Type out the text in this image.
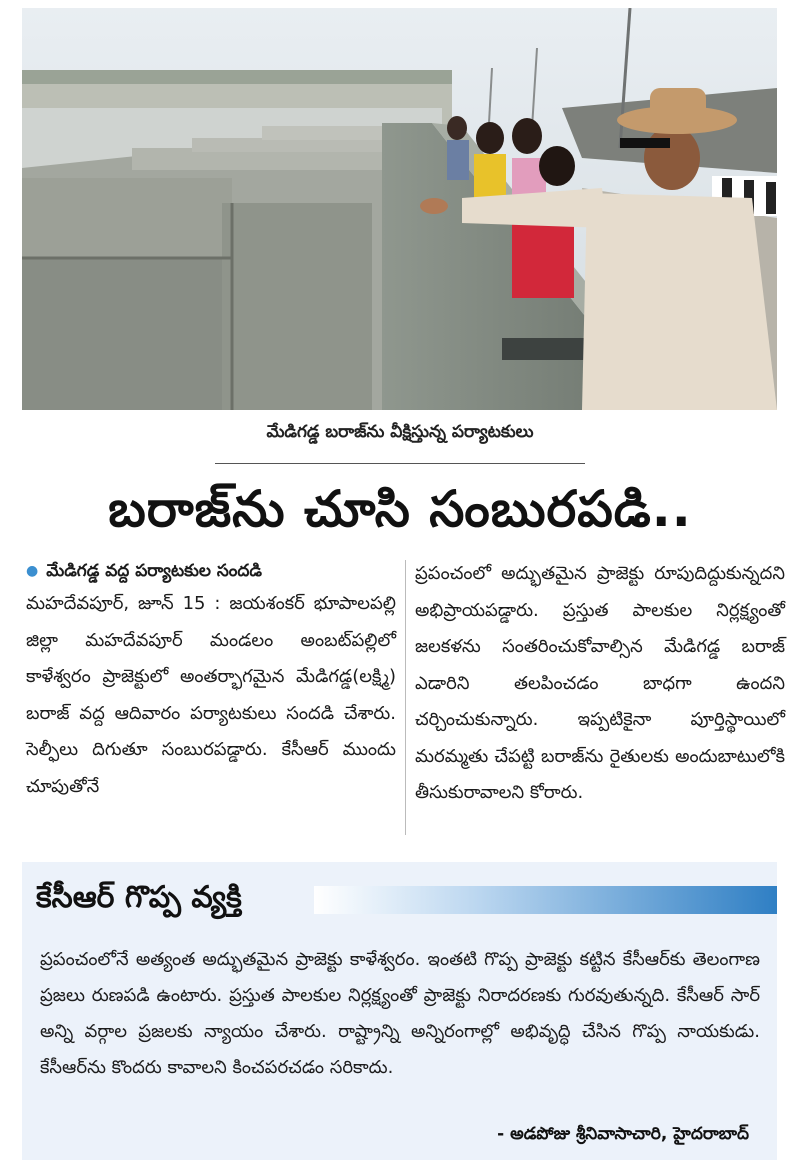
మేడిగడ్డ బరాజ్‌ను వీక్షిస్తున్న పర్యాటకులు
బరాజ్‌ను చూసి సంబురపడి..
● మేడిగడ్డ వద్ద పర్యాటకుల సందడి

మహదేవపూర్, జూన్ 15 : జయశంకర్ భూపాలపల్లి జిల్లా మహదేవపూర్ మండలం అంబట్‌పల్లిలో కాళేశ్వరం ప్రాజెక్టులో అంతర్భాగమైన మేడిగడ్డ(లక్ష్మి) బరాజ్ వద్ద ఆదివారం పర్యాటకులు సందడి చేశారు. సెల్ఫీలు దిగుతూ సంబురపడ్డారు. కేసీఆర్ ముందు చూపుతోనే

ప్రపంచంలో అద్భుతమైన ప్రాజెక్టు రూపుదిద్దుకున్నదని అభిప్రాయపడ్డారు. ప్రస్తుత పాలకుల నిర్లక్ష్యంతో జలకళను సంతరించుకోవాల్సిన మేడిగడ్డ బరాజ్ ఎడారిని తలపించడం బాధగా ఉందని చర్చించుకున్నారు. ఇప్పటికైనా పూర్తిస్థాయిలో మరమ్మతు చేపట్టి బరాజ్‌ను రైతులకు అందుబాటులోకి తీసుకురావాలని కోరారు.

కేసీఆర్ గొప్ప వ్యక్తి

ప్రపంచంలోనే అత్యంత అద్భుతమైన ప్రాజెక్టు కాళేశ్వరం. ఇంతటి గొప్ప ప్రాజెక్టు కట్టిన కేసీఆర్‌కు తెలంగాణ ప్రజలు రుణపడి ఉంటారు. ప్రస్తుత పాలకుల నిర్లక్ష్యంతో ప్రాజెక్టు నిరాదరణకు గురవుతున్నది. కేసీఆర్ సార్ అన్ని వర్గాల ప్రజలకు న్యాయం చేశారు. రాష్ట్రాన్ని అన్నిరంగాల్లో అభివృద్ధి చేసిన గొప్ప నాయకుడు. కేసీఆర్‌ను కొందరు కావాలని కించపరచడం సరికాదు.

- అడపోజు శ్రీనివాసాచారి, హైదరాబాద్
